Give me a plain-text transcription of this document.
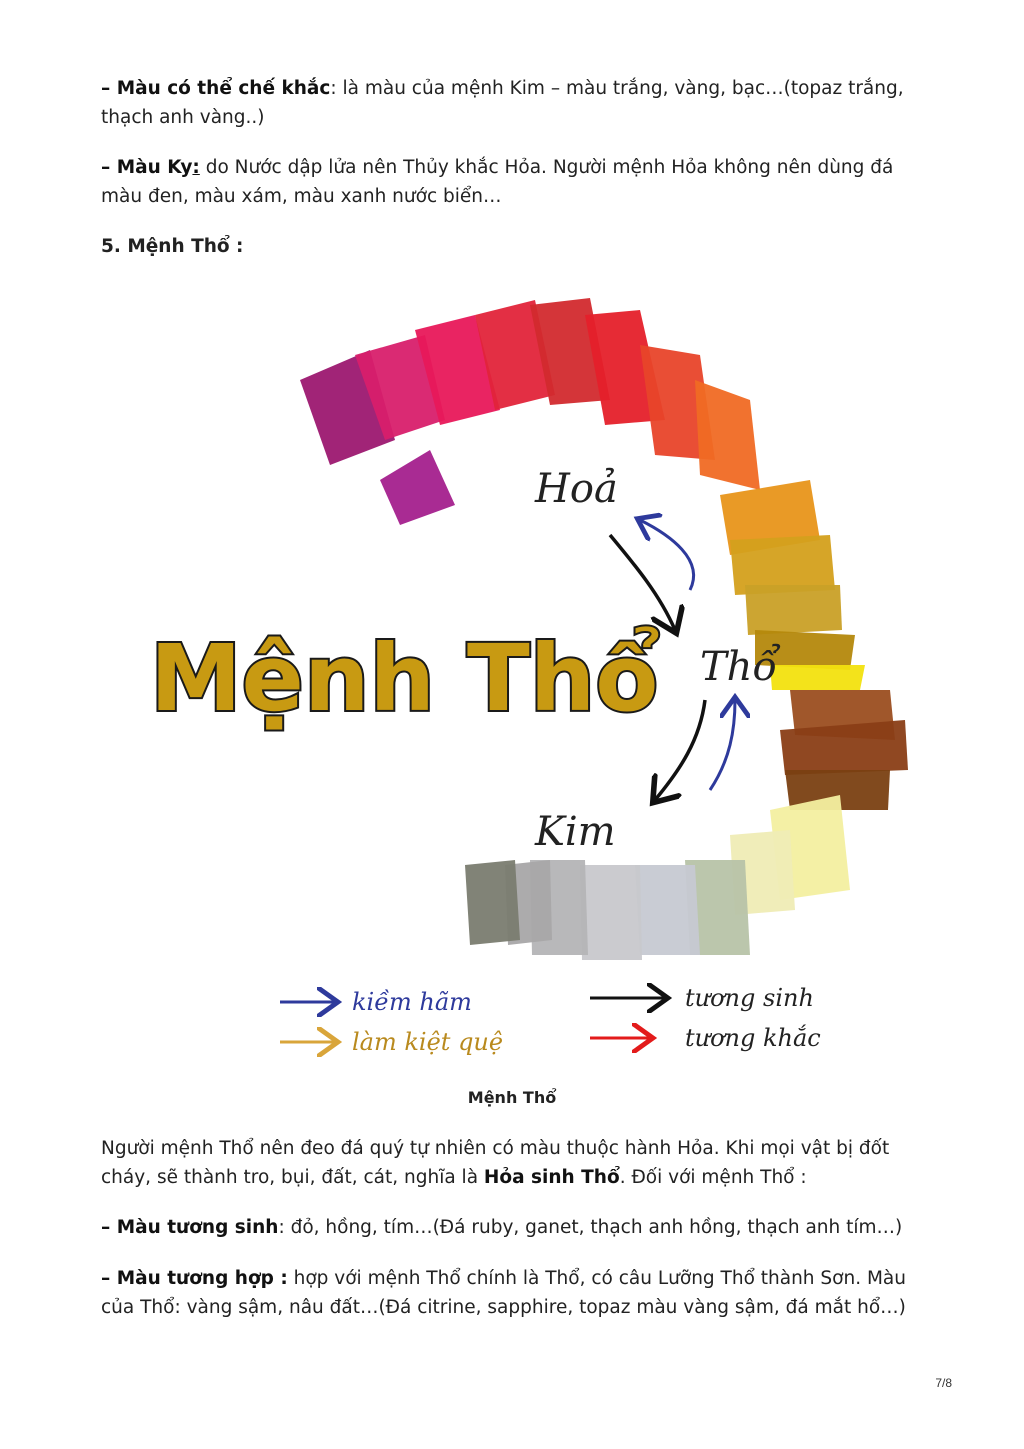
– Màu có thể chế khắc: là màu của mệnh Kim – màu trắng, vàng, bạc…(topaz trắng, thạch anh vàng..)

– Màu Ky: do Nước dập lửa nên Thủy khắc Hỏa. Người mệnh Hỏa không nên dùng đá màu đen, màu xám, màu xanh nước biển…

5. Mệnh Thổ :
Mệnh Thổ
Hoả
Thổ
Kim
kiềm hãm
làm kiệt quệ
tương sinh
tương khắc

Mệnh Thổ

Người mệnh Thổ nên đeo đá quý tự nhiên có màu thuộc hành Hỏa. Khi mọi vật bị đốt cháy, sẽ thành tro, bụi, đất, cát, nghĩa là Hỏa sinh Thổ. Đối với mệnh Thổ :

– Màu tương sinh: đỏ, hồng, tím…(Đá ruby, ganet, thạch anh hồng, thạch anh tím…)

– Màu tương hợp : hợp với mệnh Thổ chính là Thổ, có câu Lưỡng Thổ thành Sơn. Màu của Thổ: vàng sậm, nâu đất…(Đá citrine, sapphire, topaz màu vàng sậm, đá mắt hổ…)

7/8
